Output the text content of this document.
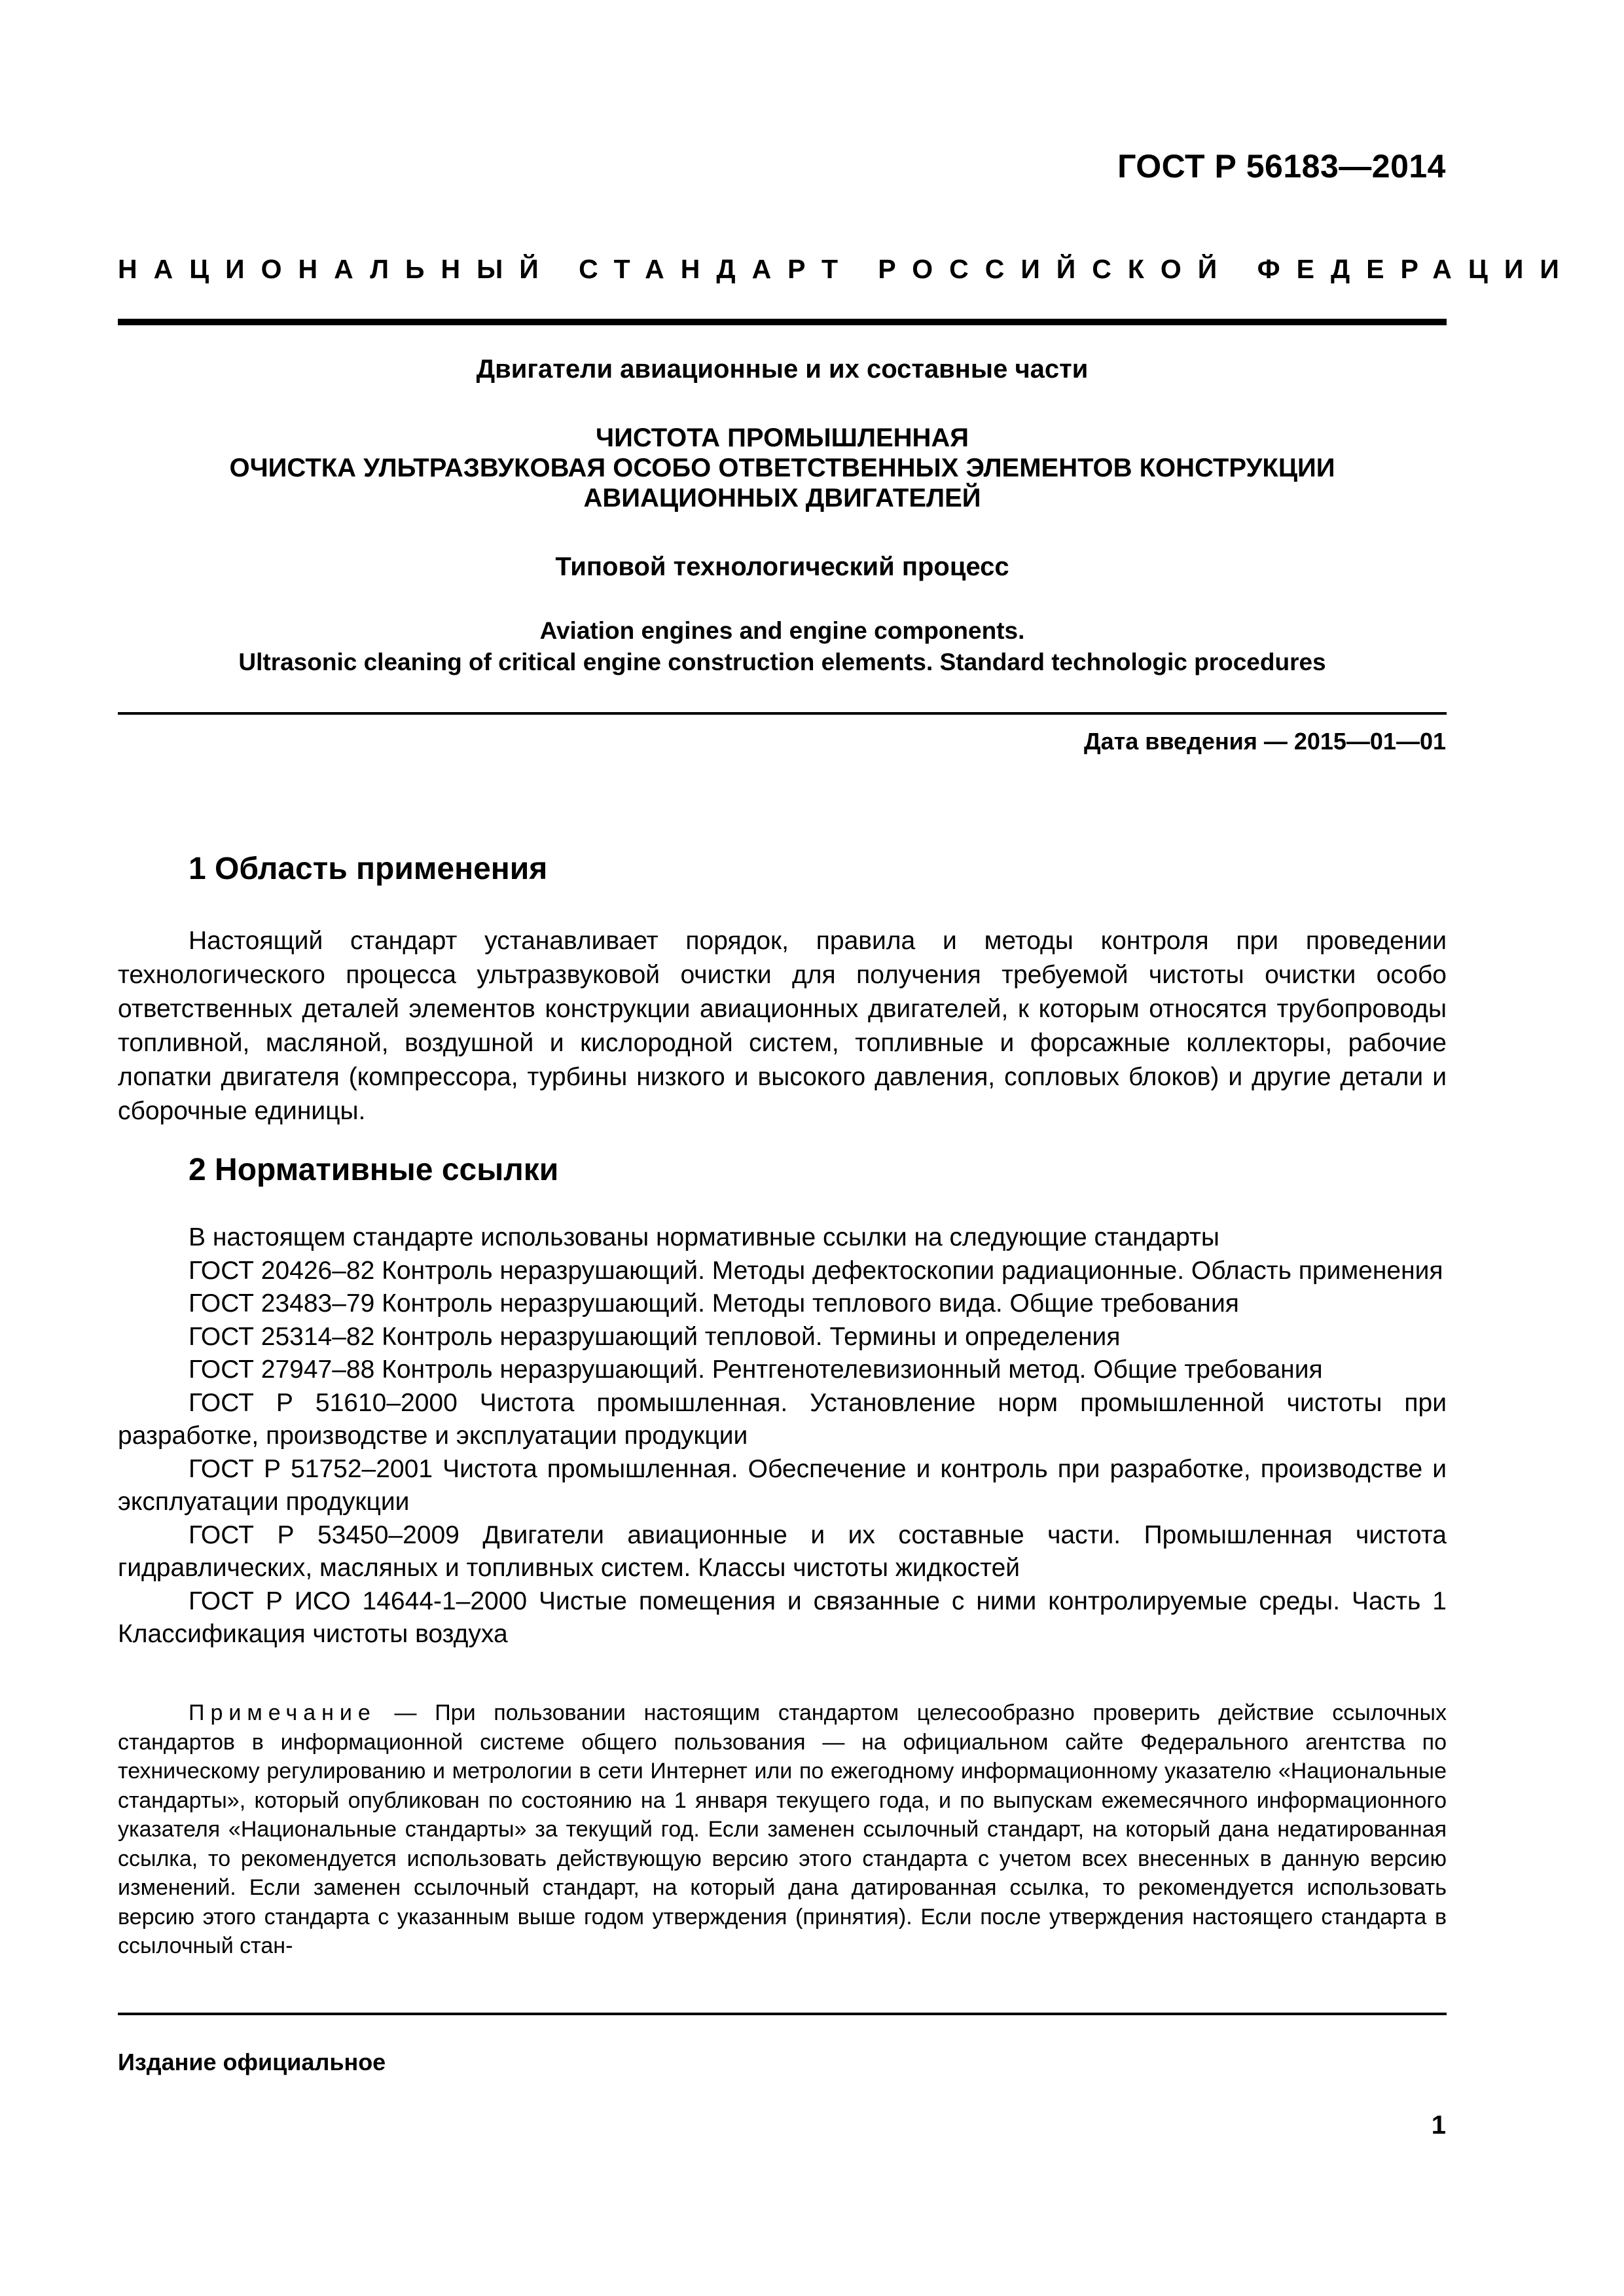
ГОСТ Р 56183—2014
НАЦИОНАЛЬНЫЙ СТАНДАРТ РОССИЙСКОЙ ФЕДЕРАЦИИ
Двигатели авиационные и их составные части
ЧИСТОТА ПРОМЫШЛЕННАЯ
ОЧИСТКА УЛЬТРАЗВУКОВАЯ ОСОБО ОТВЕТСТВЕННЫХ ЭЛЕМЕНТОВ КОНСТРУКЦИИ
АВИАЦИОННЫХ ДВИГАТЕЛЕЙ
Типовой технологический процесс
Aviation engines and engine components.
Ultrasonic cleaning of critical engine construction elements. Standard technologic procedures
Дата введения — 2015—01—01
1 Область применения
Настоящий стандарт устанавливает порядок, правила и методы контроля при проведении технологического процесса ультразвуковой очистки для получения требуемой чистоты очистки особо ответственных деталей элементов конструкции авиационных двигателей, к которым относятся трубопроводы топливной, масляной, воздушной и кислородной систем, топливные и форсажные коллекторы, рабочие лопатки двигателя (компрессора, турбины низкого и высокого давления, сопловых блоков) и другие детали и сборочные единицы.
2 Нормативные ссылки

В настоящем стандарте использованы нормативные ссылки на следующие стандарты

ГОСТ 20426–82 Контроль неразрушающий. Методы дефектоскопии радиационные. Область применения

ГОСТ 23483–79 Контроль неразрушающий. Методы теплового вида. Общие требования

ГОСТ 25314–82 Контроль неразрушающий тепловой. Термины и определения

ГОСТ 27947–88 Контроль неразрушающий. Рентгенотелевизионный метод. Общие требования

ГОСТ Р 51610–2000 Чистота промышленная. Установление норм промышленной чистоты при разработке, производстве и эксплуатации продукции

ГОСТ Р 51752–2001 Чистота промышленная. Обеспечение и контроль при разработке, производстве и эксплуатации продукции

ГОСТ Р 53450–2009 Двигатели авиационные и их составные части. Промышленная чистота гидравлических, масляных и топливных систем. Классы чистоты жидкостей

ГОСТ Р ИСО 14644-1–2000 Чистые помещения и связанные с ними контролируемые среды. Часть 1 Классификация чистоты воздуха

Примечание — При пользовании настоящим стандартом целесообразно проверить действие ссылочных стандартов в информационной системе общего пользования — на официальном сайте Федерального агентства по техническому регулированию и метрологии в сети Интернет или по ежегодному информационному указателю «Национальные стандарты», который опубликован по состоянию на 1 января текущего года, и по выпускам ежемесячного информационного указателя «Национальные стандарты» за текущий год. Если заменен ссылочный стандарт, на который дана недатированная ссылка, то рекомендуется использовать действующую версию этого стандарта с учетом всех внесенных в данную версию изменений. Если заменен ссылочный стандарт, на который дана датированная ссылка, то рекомендуется использовать версию этого стандарта с указанным выше годом утверждения (принятия). Если после утверждения настоящего стандарта в ссылочный стан-
Издание официальное
1
